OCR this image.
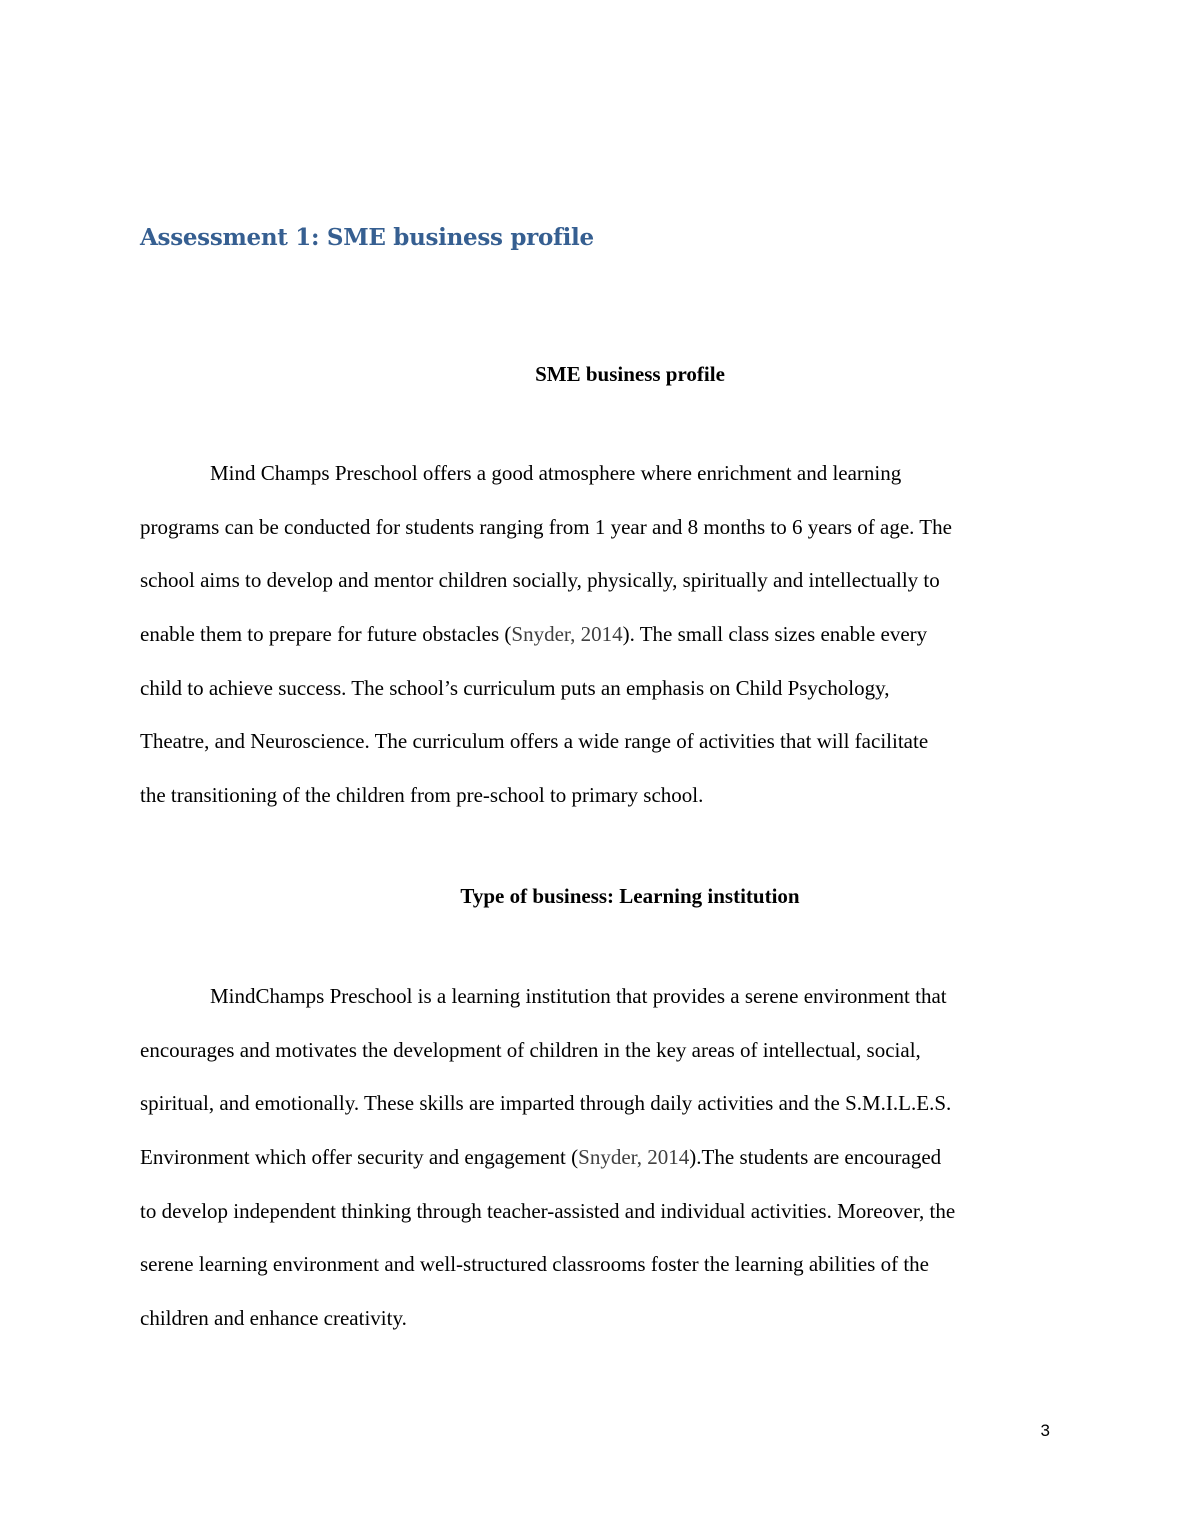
Assessment 1: SME business profile
SME business profile
Mind Champs Preschool offers a good atmosphere where enrichment and learning
programs can be conducted for students ranging from 1 year and 8 months to 6 years of age. The
school aims to develop and mentor children socially, physically, spiritually and intellectually to
enable them to prepare for future obstacles (Snyder, 2014). The small class sizes enable every
child to achieve success. The school’s curriculum puts an emphasis on Child Psychology,
Theatre, and Neuroscience. The curriculum offers a wide range of activities that will facilitate
the transitioning of the children from pre-school to primary school.
Type of business: Learning institution
MindChamps Preschool is a learning institution that provides a serene environment that
encourages and motivates the development of children in the key areas of intellectual, social,
spiritual, and emotionally. These skills are imparted through daily activities and the S.M.I.L.E.S.
Environment which offer security and engagement (Snyder, 2014).The students are encouraged
to develop independent thinking through teacher-assisted and individual activities. Moreover, the
serene learning environment and well-structured classrooms foster the learning abilities of the
children and enhance creativity.
3
